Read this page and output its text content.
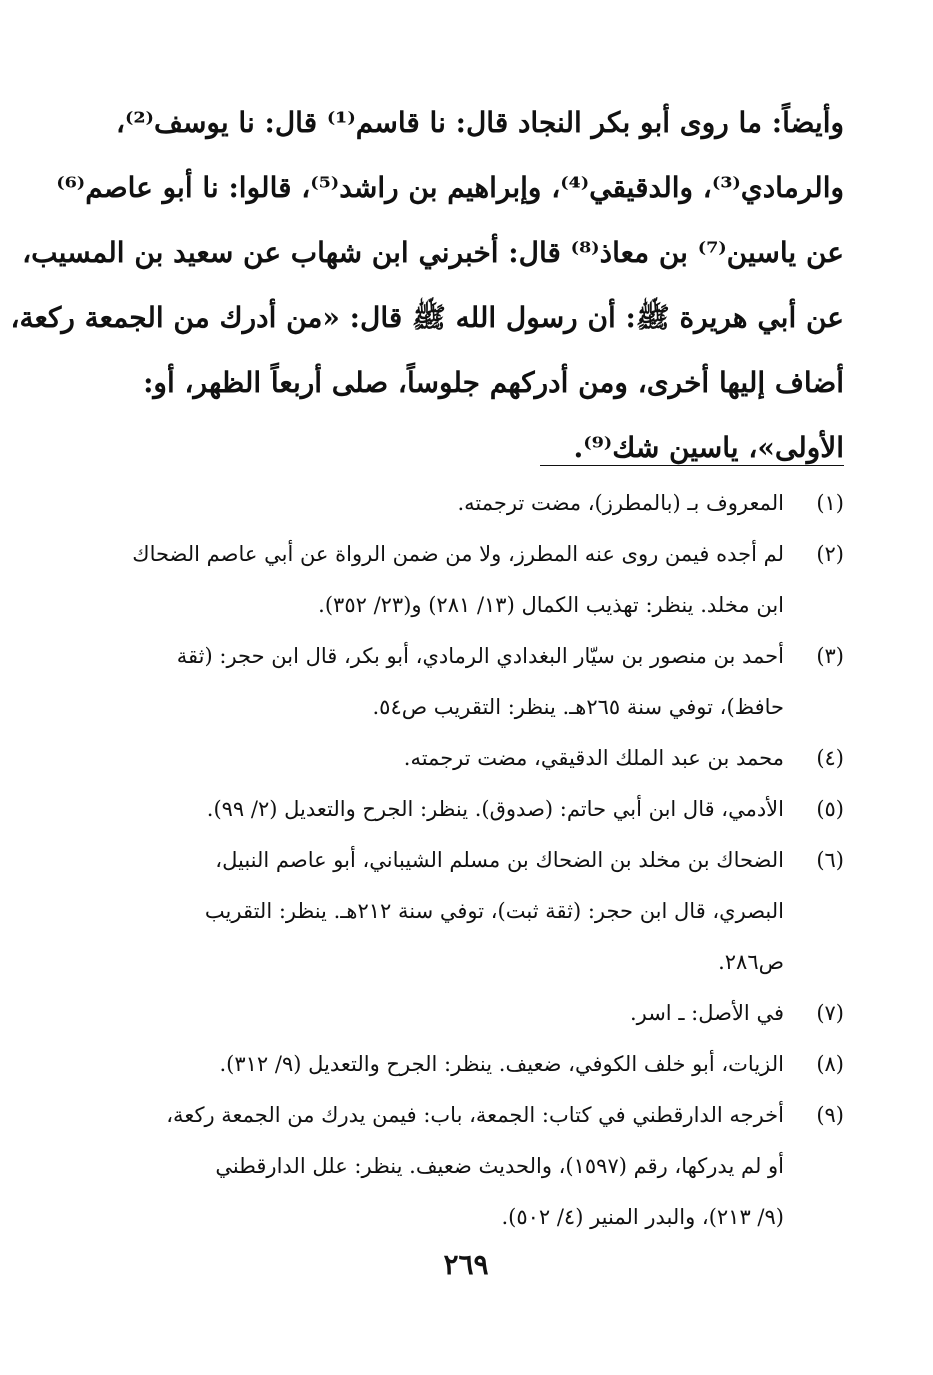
وأيضاً: ما روى أبو بكر النجاد قال: نا قاسم⁽¹⁾ قال: نا يوسف⁽²⁾،
والرمادي⁽³⁾، والدقيقي⁽⁴⁾، وإبراهيم بن راشد⁽⁵⁾، قالوا: نا أبو عاصم⁽⁶⁾
عن ياسين⁽⁷⁾ بن معاذ⁽⁸⁾ قال: أخبرني ابن شهاب عن سعيد بن المسيب،
عن أبي هريرة ﷺ: أن رسول الله ﷺ قال: «من أدرك من الجمعة ركعة،
أضاف إليها أخرى، ومن أدركهم جلوساً، صلى أربعاً الظهر، أو:
الأولى»، ياسين شك⁽⁹⁾.
(١)
المعروف بـ (بالمطرز)، مضت ترجمته.
(٢)
لم أجده فيمن روى عنه المطرز، ولا من ضمن الرواة عن أبي عاصم الضحاك
ابن مخلد. ينظر: تهذيب الكمال (١٣/ ٢٨١) و(٢٣/ ٣٥٢).
(٣)
أحمد بن منصور بن سيّار البغدادي الرمادي، أبو بكر، قال ابن حجر: (ثقة
حافظ)، توفي سنة ٢٦٥هـ. ينظر: التقريب ص٥٤.
(٤)
محمد بن عبد الملك الدقيقي، مضت ترجمته.
(٥)
الأدمي، قال ابن أبي حاتم: (صدوق). ينظر: الجرح والتعديل (٢/ ٩٩).
(٦)
الضحاك بن مخلد بن الضحاك بن مسلم الشيباني، أبو عاصم النبيل،
البصري، قال ابن حجر: (ثقة ثبت)، توفي سنة ٢١٢هـ. ينظر: التقريب
ص٢٨٦.
(٧)
في الأصل: ـ اسر.
(٨)
الزيات، أبو خلف الكوفي، ضعيف. ينظر: الجرح والتعديل (٩/ ٣١٢).
(٩)
أخرجه الدارقطني في كتاب: الجمعة، باب: فيمن يدرك من الجمعة ركعة،
أو لم يدركها، رقم (١٥٩٧)، والحديث ضعيف. ينظر: علل الدارقطني
(٩/ ٢١٣)، والبدر المنير (٤/ ٥٠٢).
٢٦٩
